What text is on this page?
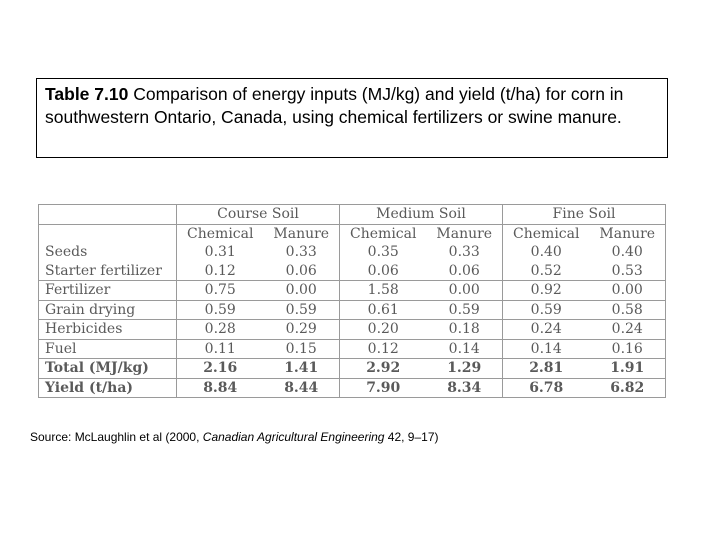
Table 7.10 Comparison of energy inputs (MJ/kg) and yield (t/ha) for corn in southwestern Ontario, Canada, using chemical fertilizers or swine manure.
	Course Soil		Medium Soil		Fine Soil	
	Chemical	Manure	Chemical	Manure	Chemical	Manure
Seeds	0.31	0.33	0.35	0.33	0.40	0.40
Starter fertilizer	0.12	0.06	0.06	0.06	0.52	0.53
Fertilizer	0.75	0.00	1.58	0.00	0.92	0.00
Grain drying	0.59	0.59	0.61	0.59	0.59	0.58
Herbicides	0.28	0.29	0.20	0.18	0.24	0.24
Fuel	0.11	0.15	0.12	0.14	0.14	0.16
Total (MJ/kg)	2.16	1.41	2.92	1.29	2.81	1.91
Yield (t/ha)	8.84	8.44	7.90	8.34	6.78	6.82
Source: McLaughlin et al (2000, Canadian Agricultural Engineering 42, 9–17)
